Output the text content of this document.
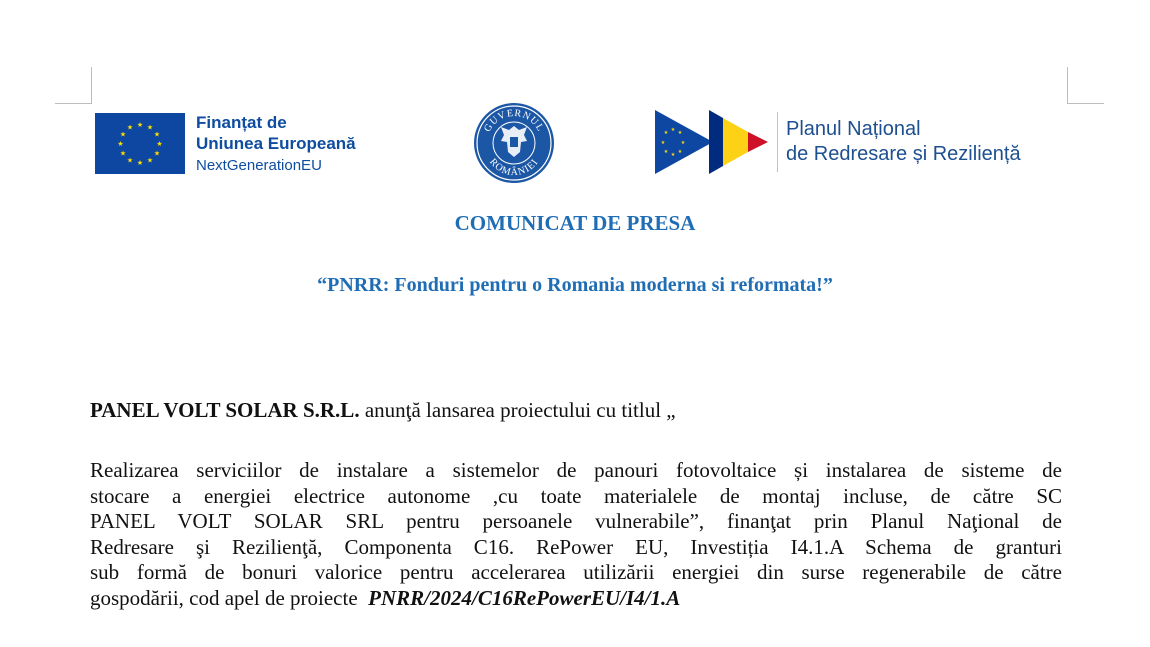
★ ★
★
★
★
★
★
★
★
★
★
★	Finanțat de
Uniunea Europeană
NextGenerationEU
GUVERNUL
ROMÂNIEI
★ ★
★
★
★
★
★
★	Planul Național
de Redresare și Reziliență
COMUNICAT DE PRESA
“PNRR: Fonduri pentru o Romania moderna si reformata!”
PANEL VOLT SOLAR S.R.L. anunţă lansarea proiectului cu titlul „
Realizarea serviciilor de instalare a sistemelor de panouri fotovoltaice și instalarea de sisteme de
stocare a energiei electrice autonome ,cu toate materialele de montaj incluse, de către SC
PANEL VOLT SOLAR SRL pentru persoanele vulnerabile”, finanţat prin Planul Naţional de
Redresare şi Rezilienţă, Componenta C16. RePower EU, Investiția I4.1.A Schema de granturi
sub formă de bonuri valorice pentru accelerarea utilizării energiei din surse regenerabile de către
gospodării, cod apel de proiecte  PNRR/2024/C16RePowerEU/I4/1.A
